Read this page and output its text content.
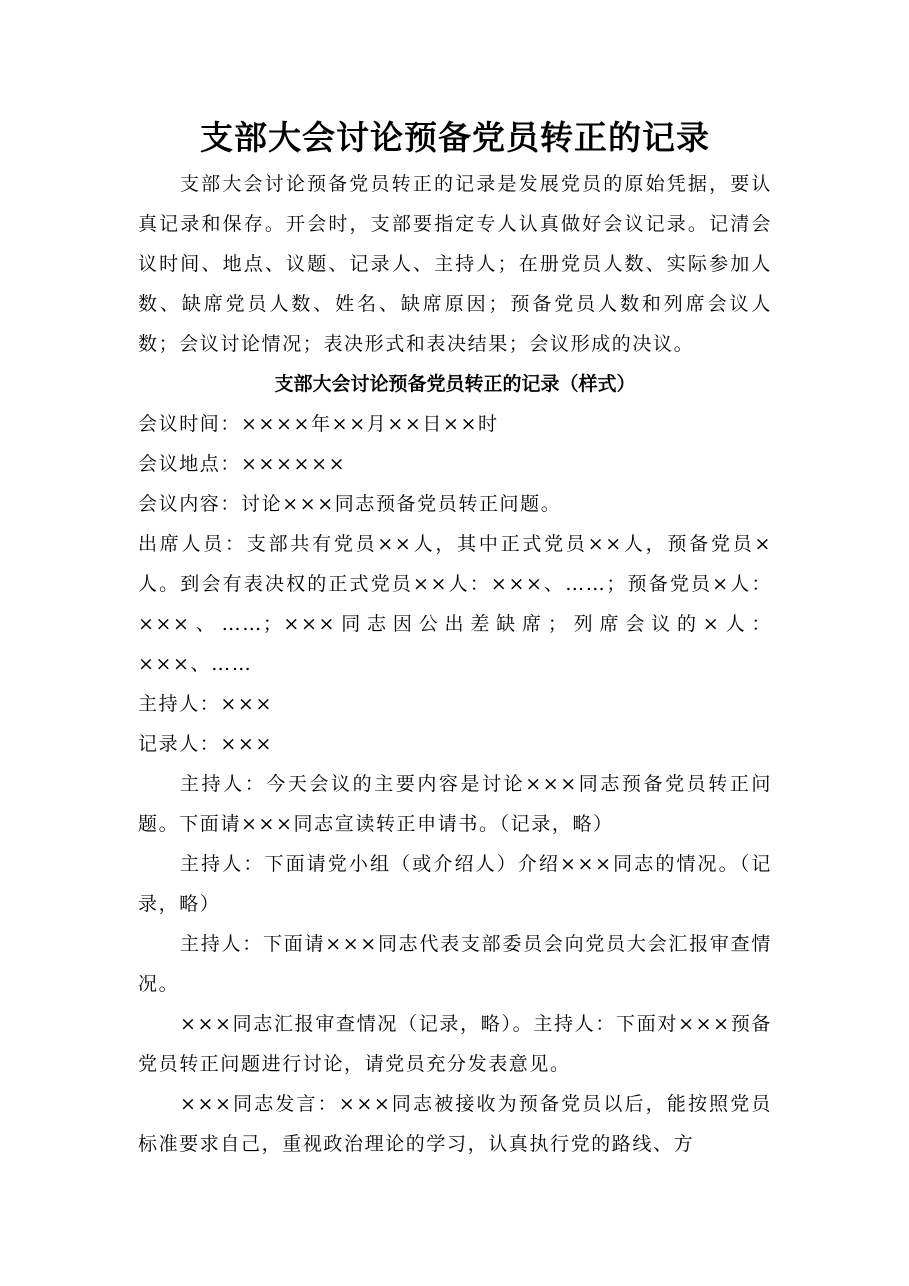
支部大会讨论预备党员转正的记录

支部大会讨论预备党员转正的记录是发展党员的原始凭据，要认真记录和保存。开会时，支部要指定专人认真做好会议记录。记清会议时间、地点、议题、记录人、主持人；在册党员人数、实际参加人数、缺席党员人数、姓名、缺席原因；预备党员人数和列席会议人数；会议讨论情况；表决形式和表决结果；会议形成的决议。

支部大会讨论预备党员转正的记录（样式）

会议时间：××××年××月××日××时

会议地点：××××××

会议内容：讨论×××同志预备党员转正问题。

出席人员：支部共有党员××人，其中正式党员××人，预备党员×人。到会有表决权的正式党员××人：×××、……；预备党员×人：×××、……；×××同志因公出差缺席；列席会议的×人：×××、……

主持人：×××

记录人：×××

主持人：今天会议的主要内容是讨论×××同志预备党员转正问题。下面请×××同志宣读转正申请书。（记录，略）

主持人：下面请党小组（或介绍人）介绍×××同志的情况。（记录，略）

主持人：下面请×××同志代表支部委员会向党员大会汇报审查情况。

×××同志汇报审查情况（记录，略）。主持人：下面对×××预备党员转正问题进行讨论，请党员充分发表意见。

×××同志发言：×××同志被接收为预备党员以后，能按照党员标准要求自己，重视政治理论的学习，认真执行党的路线、方
